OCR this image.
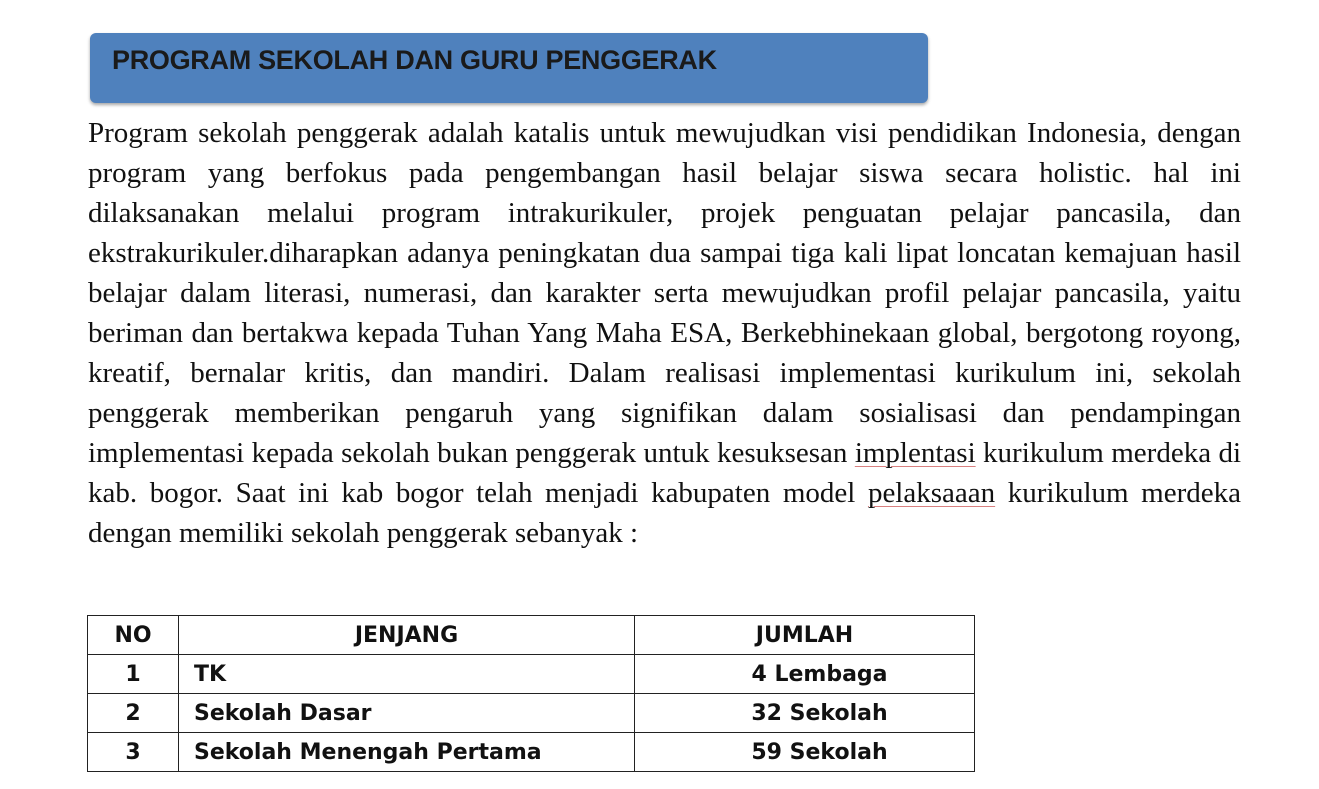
PROGRAM SEKOLAH DAN GURU PENGGERAK

Program sekolah penggerak adalah katalis untuk mewujudkan visi pendidikan Indonesia, dengan program yang berfokus pada pengembangan hasil belajar siswa secara holistic. hal ini dilaksanakan melalui program intrakurikuler, projek penguatan pelajar pancasila, dan ekstrakurikuler.diharapkan adanya peningkatan dua sampai tiga kali lipat loncatan kemajuan hasil belajar dalam literasi, numerasi, dan karakter serta mewujudkan profil pelajar pancasila, yaitu beriman dan bertakwa kepada Tuhan Yang Maha ESA, Berkebhinekaan global, bergotong royong, kreatif, bernalar kritis, dan mandiri. Dalam realisasi implementasi kurikulum ini, sekolah penggerak memberikan pengaruh yang signifikan dalam sosialisasi dan pendampingan implementasi kepada sekolah bukan penggerak untuk kesuksesan implentasi kurikulum merdeka di kab. bogor. Saat ini kab bogor telah menjadi kabupaten model pelaksaaan kurikulum merdeka dengan memiliki sekolah penggerak sebanyak :

NO	JENJANG	JUMLAH
1	TK	4 Lembaga
2	Sekolah Dasar	32 Sekolah
3	Sekolah Menengah Pertama	59 Sekolah
